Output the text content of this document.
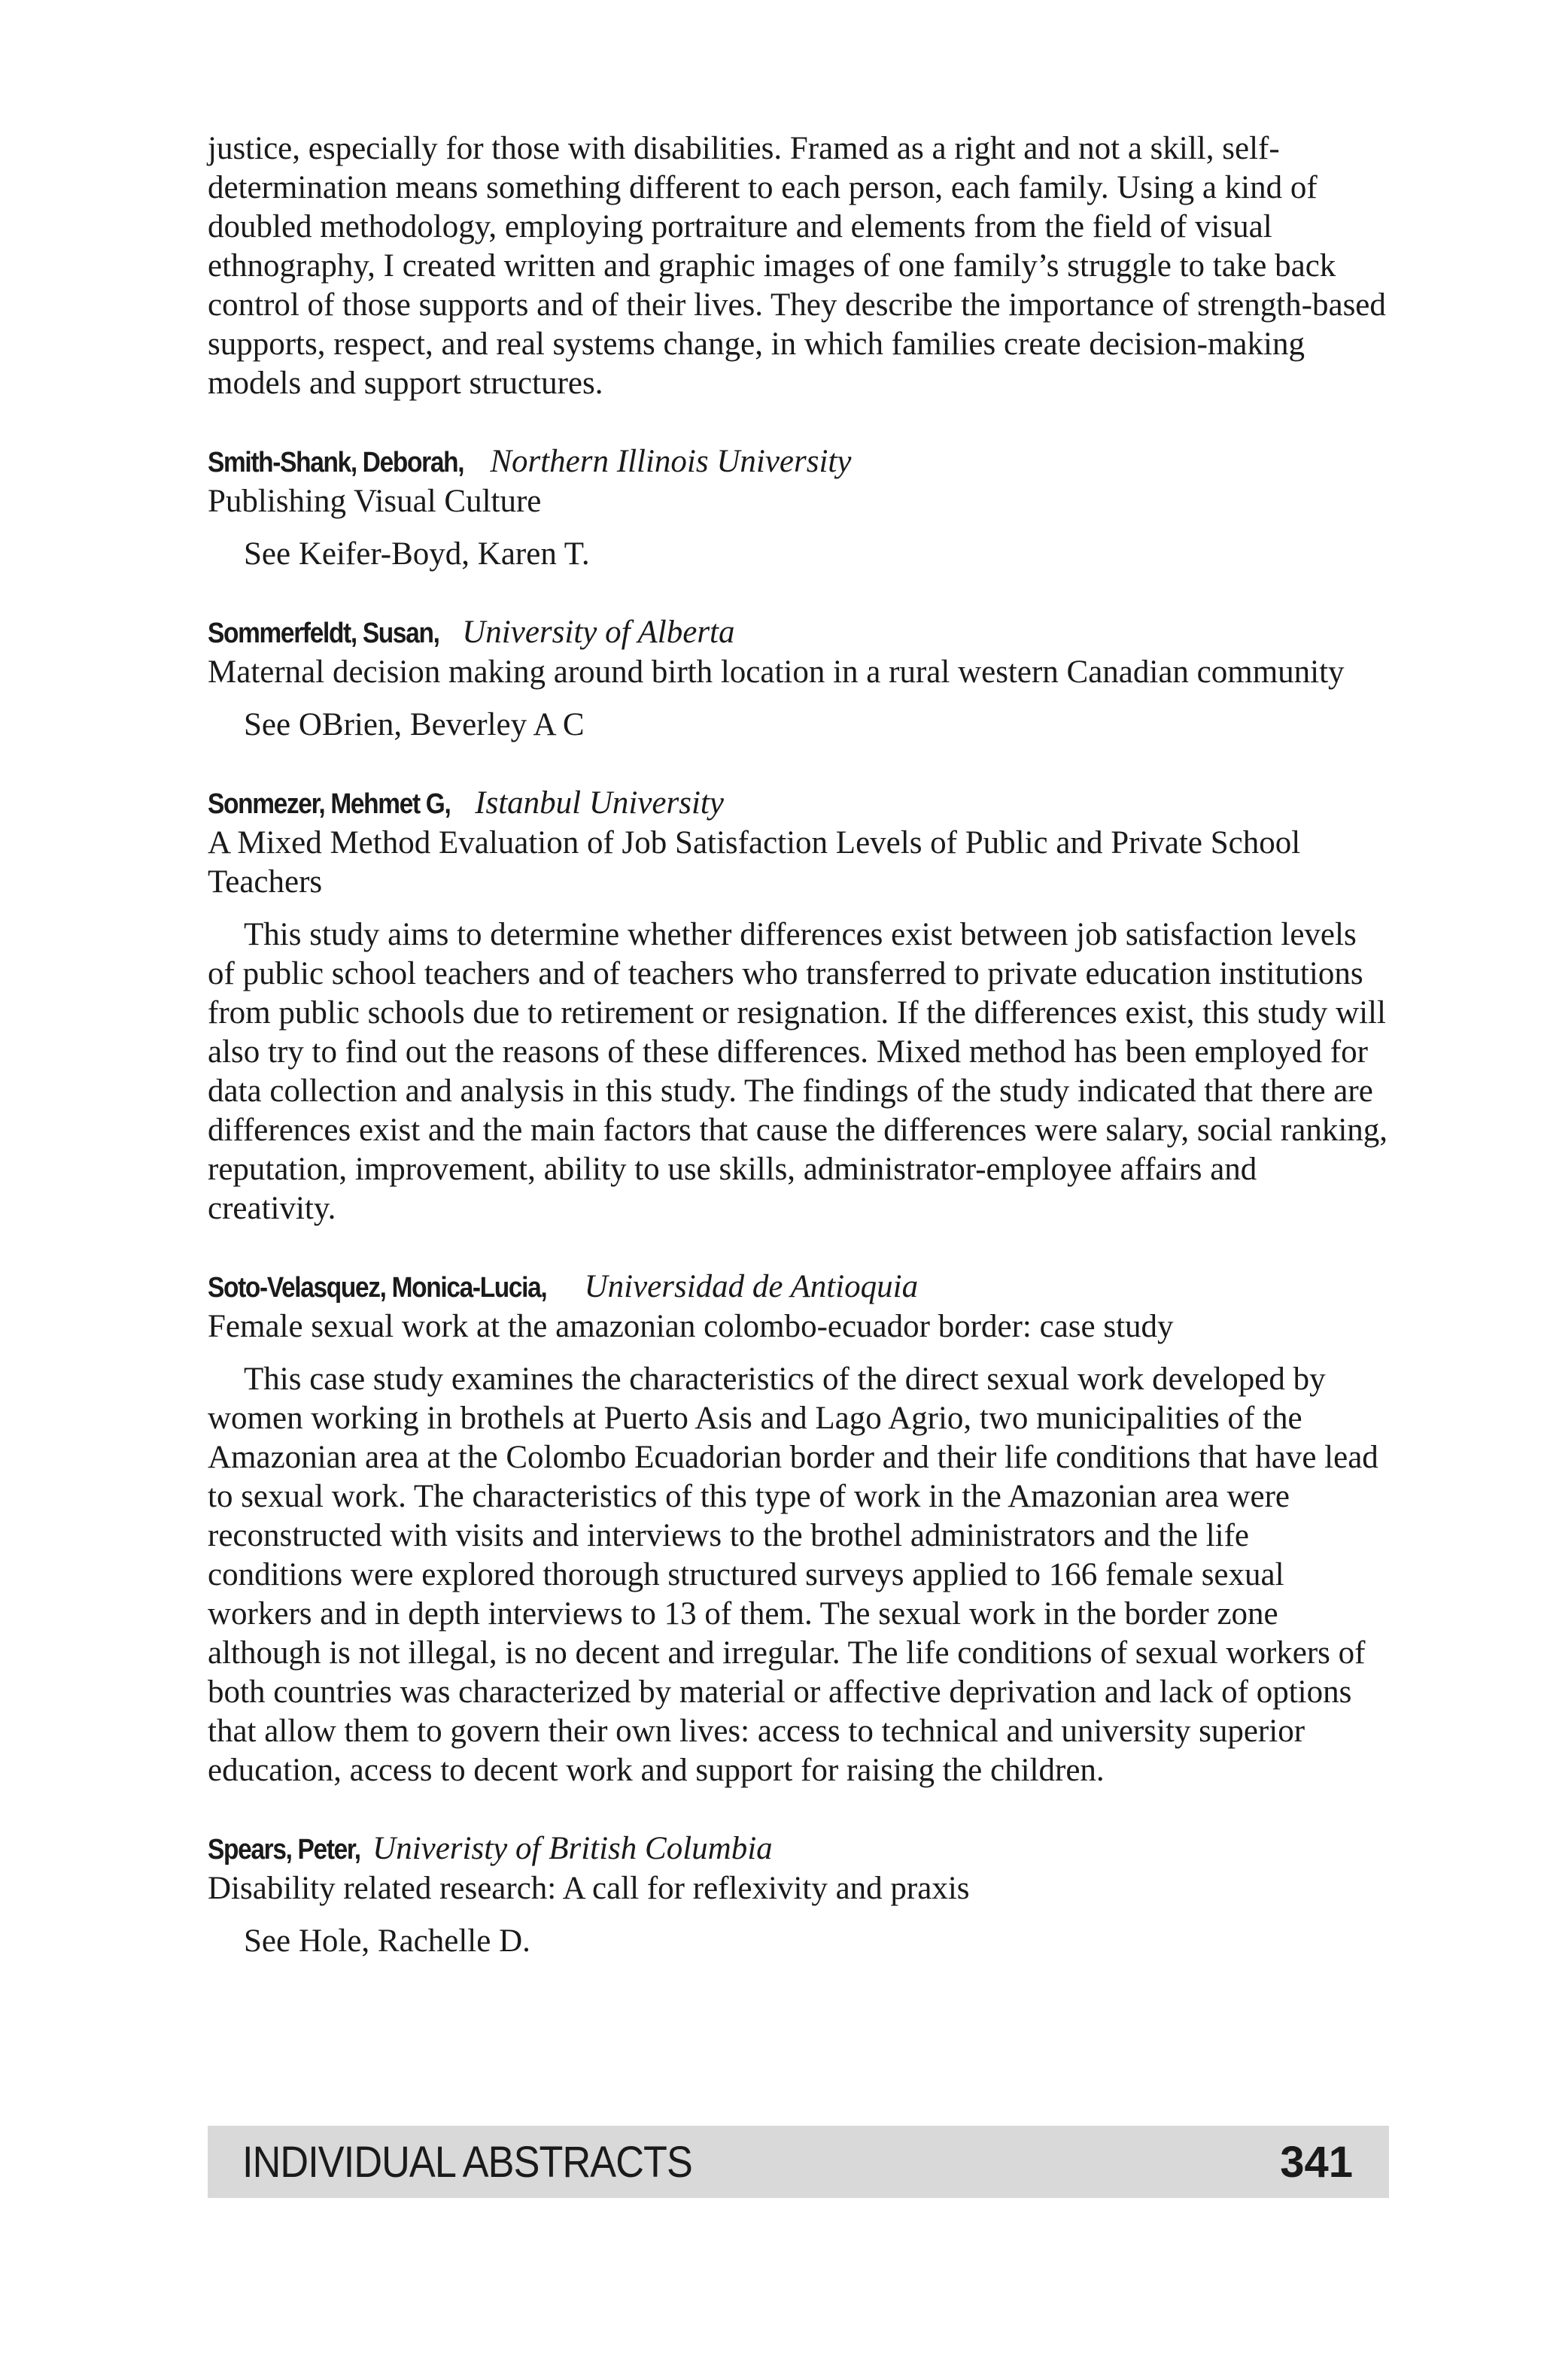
justice, especially for those with disabilities. Framed as a right and not a skill, self-determination means something different to each person, each family. Using a kind of doubled methodology, employing portraiture and elements from the field of visual ethnography, I created written and graphic images of one family’s struggle to take back control of those supports and of their lives. They describe the importance of strength-based supports, respect, and real systems change, in which families create decision-making models and support structures.

Smith-Shank, Deborah, Northern Illinois University

Publishing Visual Culture

See Keifer-Boyd, Karen T.

Sommerfeldt, Susan, University of Alberta

Maternal decision making around birth location in a rural western Canadian community

See OBrien, Beverley A C

Sonmezer, Mehmet G, Istanbul University

A Mixed Method Evaluation of Job Satisfaction Levels of Public and Private School Teachers

This study aims to determine whether differences exist between job satisfaction levels of public school teachers and of teachers who transferred to private education institutions from public schools due to retirement or resignation. If the differences exist, this study will also try to find out the reasons of these differences. Mixed method has been employed for data collection and analysis in this study. The findings of the study indicated that there are differences exist and the main factors that cause the differences were salary, social ranking, reputation, improvement, ability to use skills, administrator-employee affairs and creativity.

Soto-Velasquez, Monica-Lucia, Universidad de Antioquia

Female sexual work at the amazonian colombo-ecuador border: case study

This case study examines the characteristics of the direct sexual work developed by women working in brothels at Puerto Asis and Lago Agrio, two municipalities of the Amazonian area at the Colombo Ecuadorian border and their life conditions that have lead to sexual work. The characteristics of this type of work in the Amazonian area were reconstructed with visits and interviews to the brothel administrators and the life conditions were explored thorough structured surveys applied to 166 female sexual workers and in depth interviews to 13 of them. The sexual work in the border zone although is not illegal, is no decent and irregular. The life conditions of sexual workers of both countries was characterized by material or affective deprivation and lack of options that allow them to govern their own lives: access to technical and university superior education, access to decent work and support for raising the children.

Spears, Peter, Univeristy of British Columbia

Disability related research: A call for reflexivity and praxis

See Hole, Rachelle D.

INDIVIDUAL ABSTRACTS	341
